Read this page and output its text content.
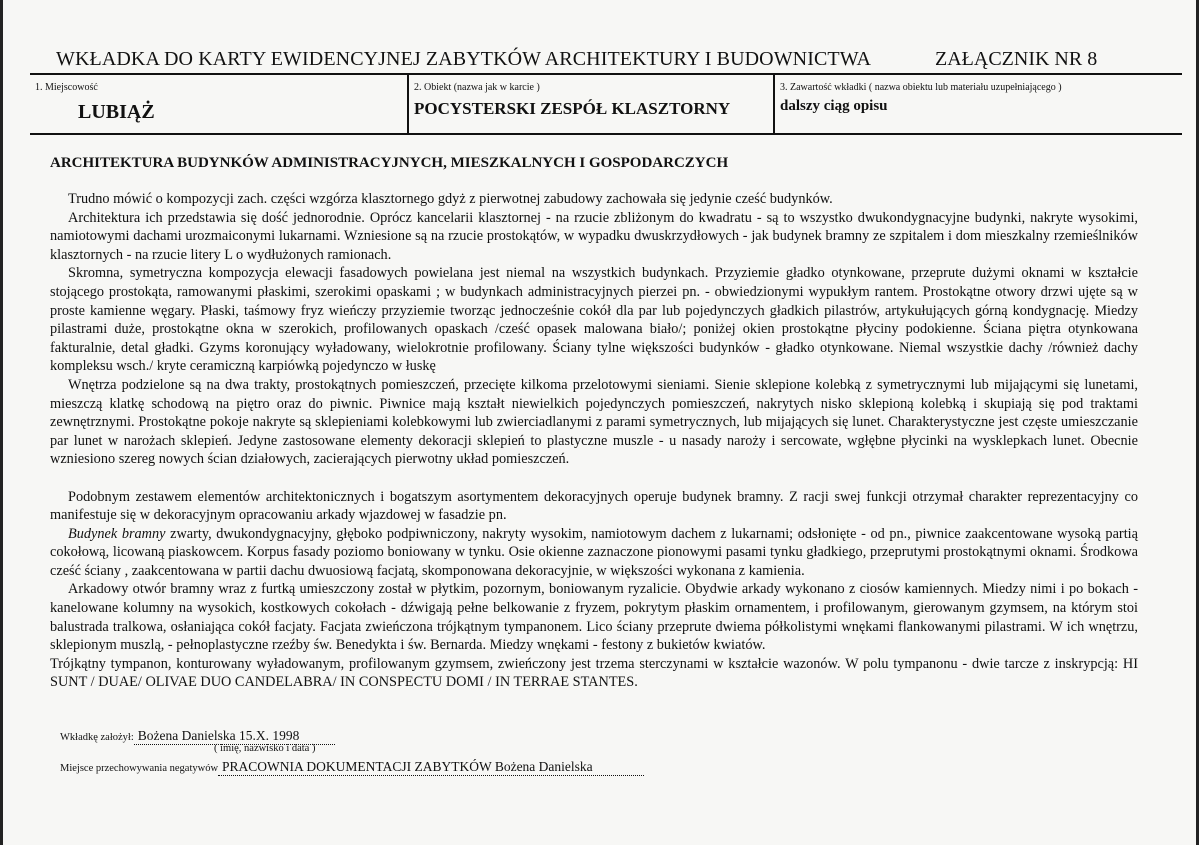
WKŁADKA DO KARTY EWIDENCYJNEJ ZABYTKÓW ARCHITEKTURY I BUDOWNICTWA	ZAŁĄCZNIK NR 8
1. Miejscowość
LUBIĄŻ
2. Obiekt (nazwa jak w karcie )
POCYSTERSKI ZESPÓŁ KLASZTORNY
3. Zawartość wkładki ( nazwa obiektu lub materiału uzupełniającego )
dalszy ciąg opisu
ARCHITEKTURA BUDYNKÓW ADMINISTRACYJNYCH, MIESZKALNYCH I GOSPODARCZYCH

Trudno mówić o kompozycji zach. części wzgórza klasztornego gdyż z pierwotnej zabudowy zachowała się jedynie cześć budynków.

Architektura ich przedstawia się dość jednorodnie. Oprócz kancelarii klasztornej - na rzucie zbliżonym do kwadratu - są to wszystko dwukondygnacyjne budynki, nakryte wysokimi, namiotowymi dachami urozmaiconymi lukarnami. Wzniesione są na rzucie prostokątów, w wypadku dwuskrzydłowych - jak budynek bramny ze szpitalem i dom mieszkalny rzemieślników klasztornych - na rzucie litery L o wydłużonych ramionach.

Skromna, symetryczna kompozycja elewacji fasadowych powielana jest niemal na wszystkich budynkach. Przyziemie gładko otynkowane, przeprute dużymi oknami w kształcie stojącego prostokąta, ramowanymi płaskimi, szerokimi opaskami ; w budynkach administracyjnych pierzei pn. - obwiedzionymi wypukłym rantem. Prostokątne otwory drzwi ujęte są w proste kamienne węgary. Płaski, taśmowy fryz wieńczy przyziemie tworząc jednocześnie cokół dla par lub pojedynczych gładkich pilastrów, artykułujących górną kondygnację. Miedzy pilastrami duże, prostokątne okna w szerokich, profilowanych opaskach /cześć opasek malowana biało/; poniżej okien prostokątne płyciny podokienne. Ściana piętra otynkowana fakturalnie, detal gładki. Gzyms koronujący wyładowany, wielokrotnie profilowany. Ściany tylne większości budynków - gładko otynkowane. Niemal wszystkie dachy /również dachy kompleksu wsch./ kryte ceramiczną karpiówką pojedynczo w łuskę

Wnętrza podzielone są na dwa trakty, prostokątnych pomieszczeń, przecięte kilkoma przelotowymi sieniami. Sienie sklepione kolebką z symetrycznymi lub mijającymi się lunetami, mieszczą klatkę schodową na piętro oraz do piwnic. Piwnice mają kształt niewielkich pojedynczych pomieszczeń, nakrytych nisko sklepioną kolebką i skupiają się pod traktami zewnętrznymi. Prostokątne pokoje nakryte są sklepieniami kolebkowymi lub zwierciadlanymi z parami symetrycznych, lub mijających się lunet. Charakterystyczne jest częste umieszczanie par lunet w narożach sklepień. Jedyne zastosowane elementy dekoracji sklepień to plastyczne muszle - u nasady naroży i sercowate, wgłębne płycinki na wysklepkach lunet. Obecnie wzniesiono szereg nowych ścian działowych, zacierających pierwotny układ pomieszczeń.

Podobnym zestawem elementów architektonicznych i bogatszym asortymentem dekoracyjnych operuje budynek bramny. Z racji swej funkcji otrzymał charakter reprezentacyjny co manifestuje się w dekoracyjnym opracowaniu arkady wjazdowej w fasadzie pn.

Budynek bramny zwarty, dwukondygnacyjny, głęboko podpiwniczony, nakryty wysokim, namiotowym dachem z lukarnami; odsłonięte - od pn., piwnice zaakcentowane wysoką partią cokołową, licowaną piaskowcem. Korpus fasady poziomo boniowany w tynku. Osie okienne zaznaczone pionowymi pasami tynku gładkiego, przeprutymi prostokątnymi oknami. Środkowa cześć ściany , zaakcentowana w partii dachu dwuosiową facjatą, skomponowana dekoracyjnie, w większości wykonana z kamienia.

Arkadowy otwór bramny wraz z furtką umieszczony został w płytkim, pozornym, boniowanym ryzalicie. Obydwie arkady wykonano z ciosów kamiennych. Miedzy nimi i po bokach - kanelowane kolumny na wysokich, kostkowych cokołach - dźwigają pełne belkowanie z fryzem, pokrytym płaskim ornamentem, i profilowanym, gierowanym gzymsem, na którym stoi balustrada tralkowa, osłaniająca cokół facjaty. Facjata zwieńczona trójkątnym tympanonem. Lico ściany przeprute dwiema półkolistymi wnękami flankowanymi pilastrami. W ich wnętrzu, sklepionym muszlą, - pełnoplastyczne rzeźby św. Benedykta i św. Bernarda. Miedzy wnękami - festony z bukietów kwiatów.

Trójkątny tympanon, konturowany wyładowanym, profilowanym gzymsem, zwieńczony jest trzema sterczynami w kształcie wazonów. W polu tympanonu - dwie tarcze z inskrypcją: HI SUNT / DUAE/ OLIVAE DUO CANDELABRA/ IN CONSPECTU DOMI / IN TERRAE STANTES.

Wkładkę założył: Bożena Danielska 15.X. 1998
( imię, nazwisko i data )
Miejsce przechowywania negatywów PRACOWNIA DOKUMENTACJI ZABYTKÓW Bożena Danielska
